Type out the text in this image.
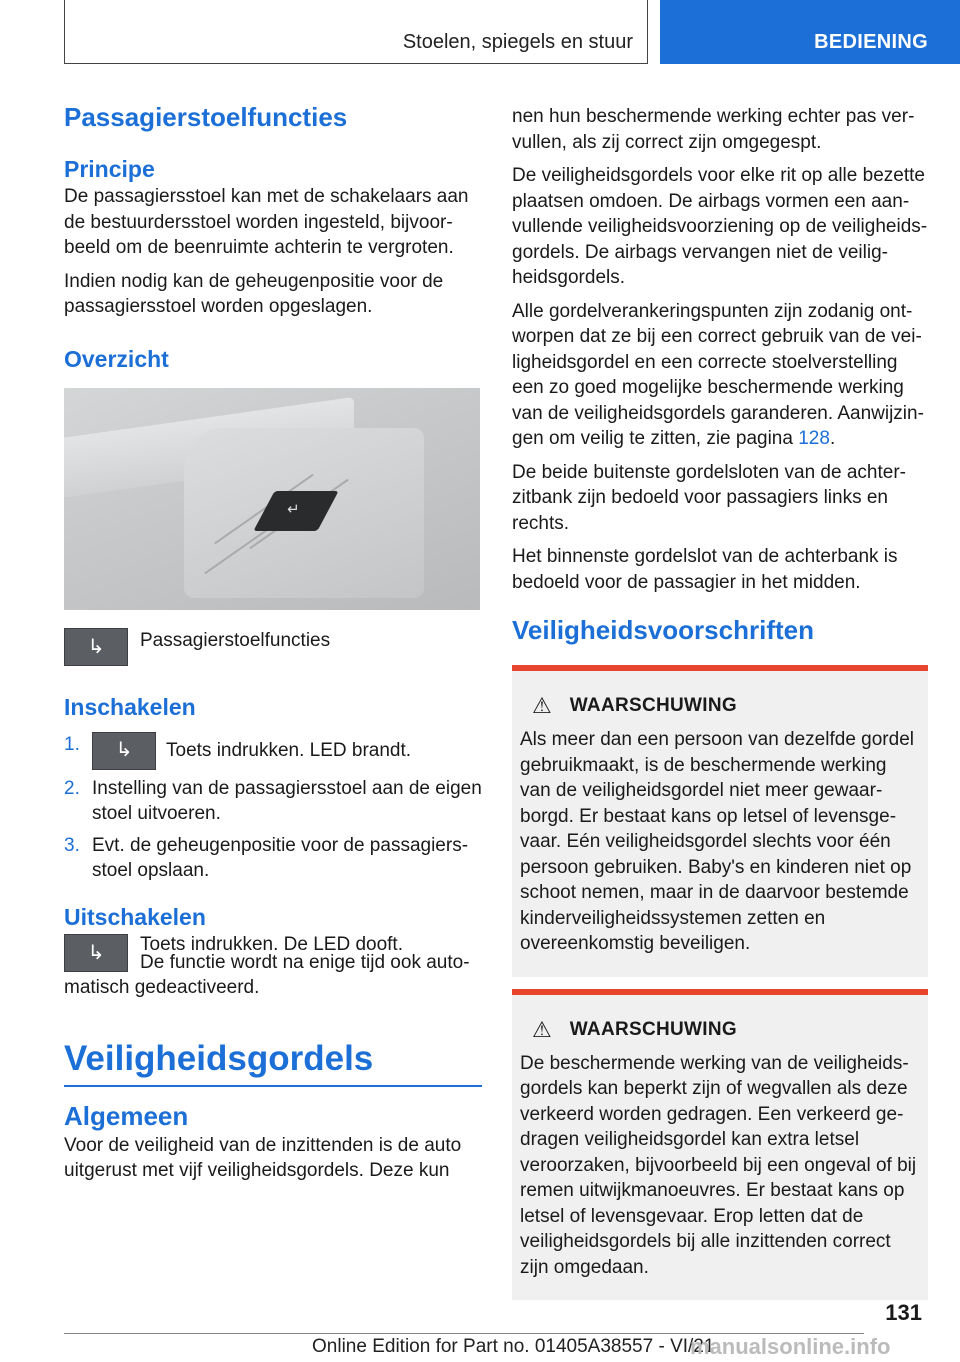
Stoelen, spiegels en stuur	BEDIENING
Passagierstoelfuncties
Principe

De passagiersstoel kan met de schakelaars aan de bestuurdersstoel worden ingesteld, bijvoorbeeld om de beenruimte achterin te vergroten.

Indien nodig kan de geheugenpositie voor de passagiersstoel worden opgeslagen.

Overzicht
↵
↳	Passagierstoelfuncties
Inschakelen
1.	↳ Toets indrukken. LED brandt.
2. Instelling van de passagiersstoel aan de eigen stoel uitvoeren.
3. Evt. de geheugenpositie voor de passagiersstoel opslaan.
Uitschakelen
↳	Toets indrukken. De LED dooft.

De functie wordt na enige tijd ook automatisch gedeactiveerd.

Veiligheidsgordels
Algemeen

Voor de veiligheid van de inzittenden is de auto uitgerust met vijf veiligheidsgordels. Deze kun

nen hun beschermende werking echter pas vervullen, als zij correct zijn omgegespt.

De veiligheidsgordels voor elke rit op alle bezette plaatsen omdoen. De airbags vormen een aanvullende veiligheidsvoorziening op de veiligheidsgordels. De airbags vervangen niet de veiligheidsgordels.

Alle gordelverankeringspunten zijn zodanig ontworpen dat ze bij een correct gebruik van de veiligheidsgordel en een correcte stoelverstelling een zo goed mogelijke beschermende werking van de veiligheidsgordels garanderen. Aanwijzingen om veilig te zitten, zie pagina 128.

De beide buitenste gordelsloten van de achterzitbank zijn bedoeld voor passagiers links en rechts.

Het binnenste gordelslot van de achterbank is bedoeld voor de passagier in het midden.

Veiligheidsvoorschriften
⚠ WAARSCHUWING

Als meer dan een persoon van dezelfde gordel gebruikmaakt, is de beschermende werking van de veiligheidsgordel niet meer gewaarborgd. Er bestaat kans op letsel of levensgevaar. Eén veiligheidsgordel slechts voor één persoon gebruiken. Baby's en kinderen niet op schoot nemen, maar in de daarvoor bestemde kinderveiligheidssystemen zetten en overeenkomstig beveiligen.

⚠ WAARSCHUWING

De beschermende werking van de veiligheidsgordels kan beperkt zijn of wegvallen als deze verkeerd worden gedragen. Een verkeerd gedragen veiligheidsgordel kan extra letsel veroorzaken, bijvoorbeeld bij een ongeval of bij remen uitwijkmanoeuvres. Er bestaat kans op letsel of levensgevaar. Erop letten dat de veiligheidsgordels bij alle inzittenden correct zijn omgedaan.

131
Online Edition for Part no. 01405A38557 - VI/21
manualsonline.info
